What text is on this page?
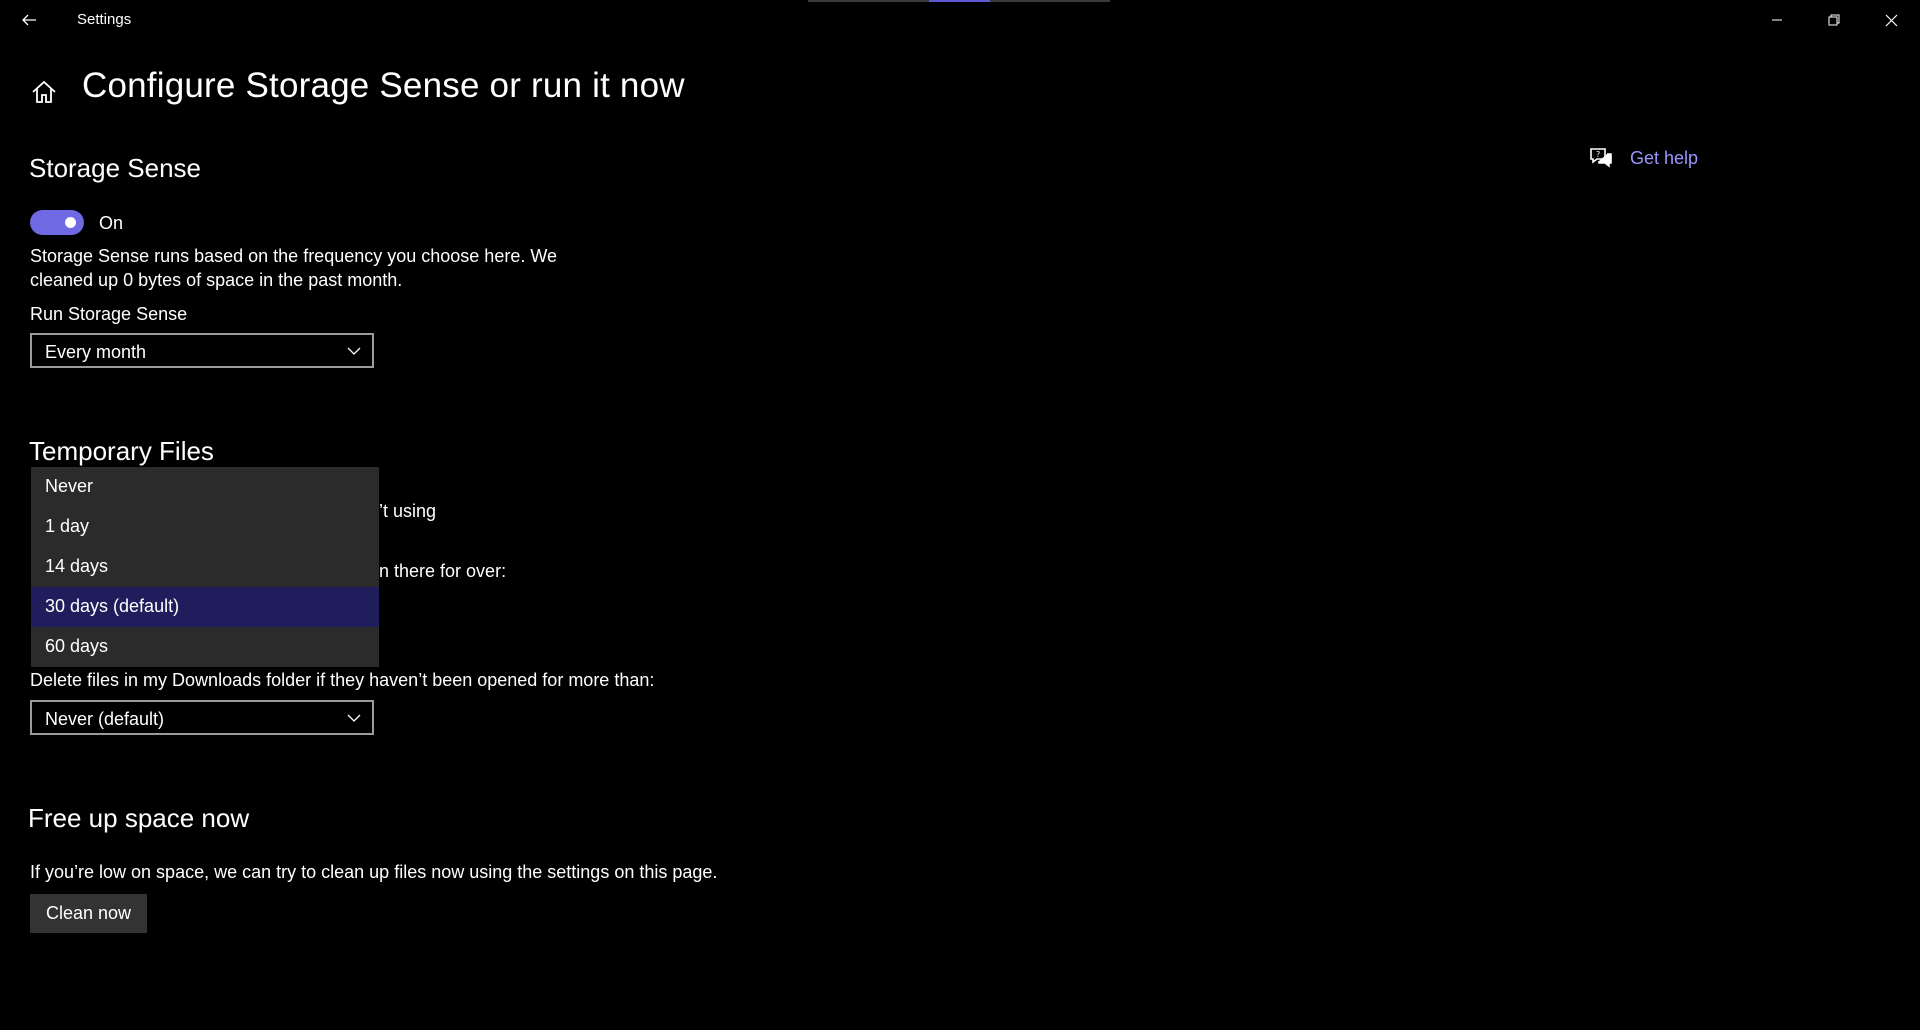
Settings
Configure Storage Sense or run it now
? Get help
Storage Sense
On
Storage Sense runs based on the frequency you choose here. We
cleaned up 0 bytes of space in the past month.
Run Storage Sense
Every month
Temporary Files
’t using
n there for over:
Delete files in my Downloads folder if they haven’t been opened for more than:
Never (default)
Never
1 day
14 days
30 days (default)
60 days
Free up space now
If you’re low on space, we can try to clean up files now using the settings on this page.
Clean now
